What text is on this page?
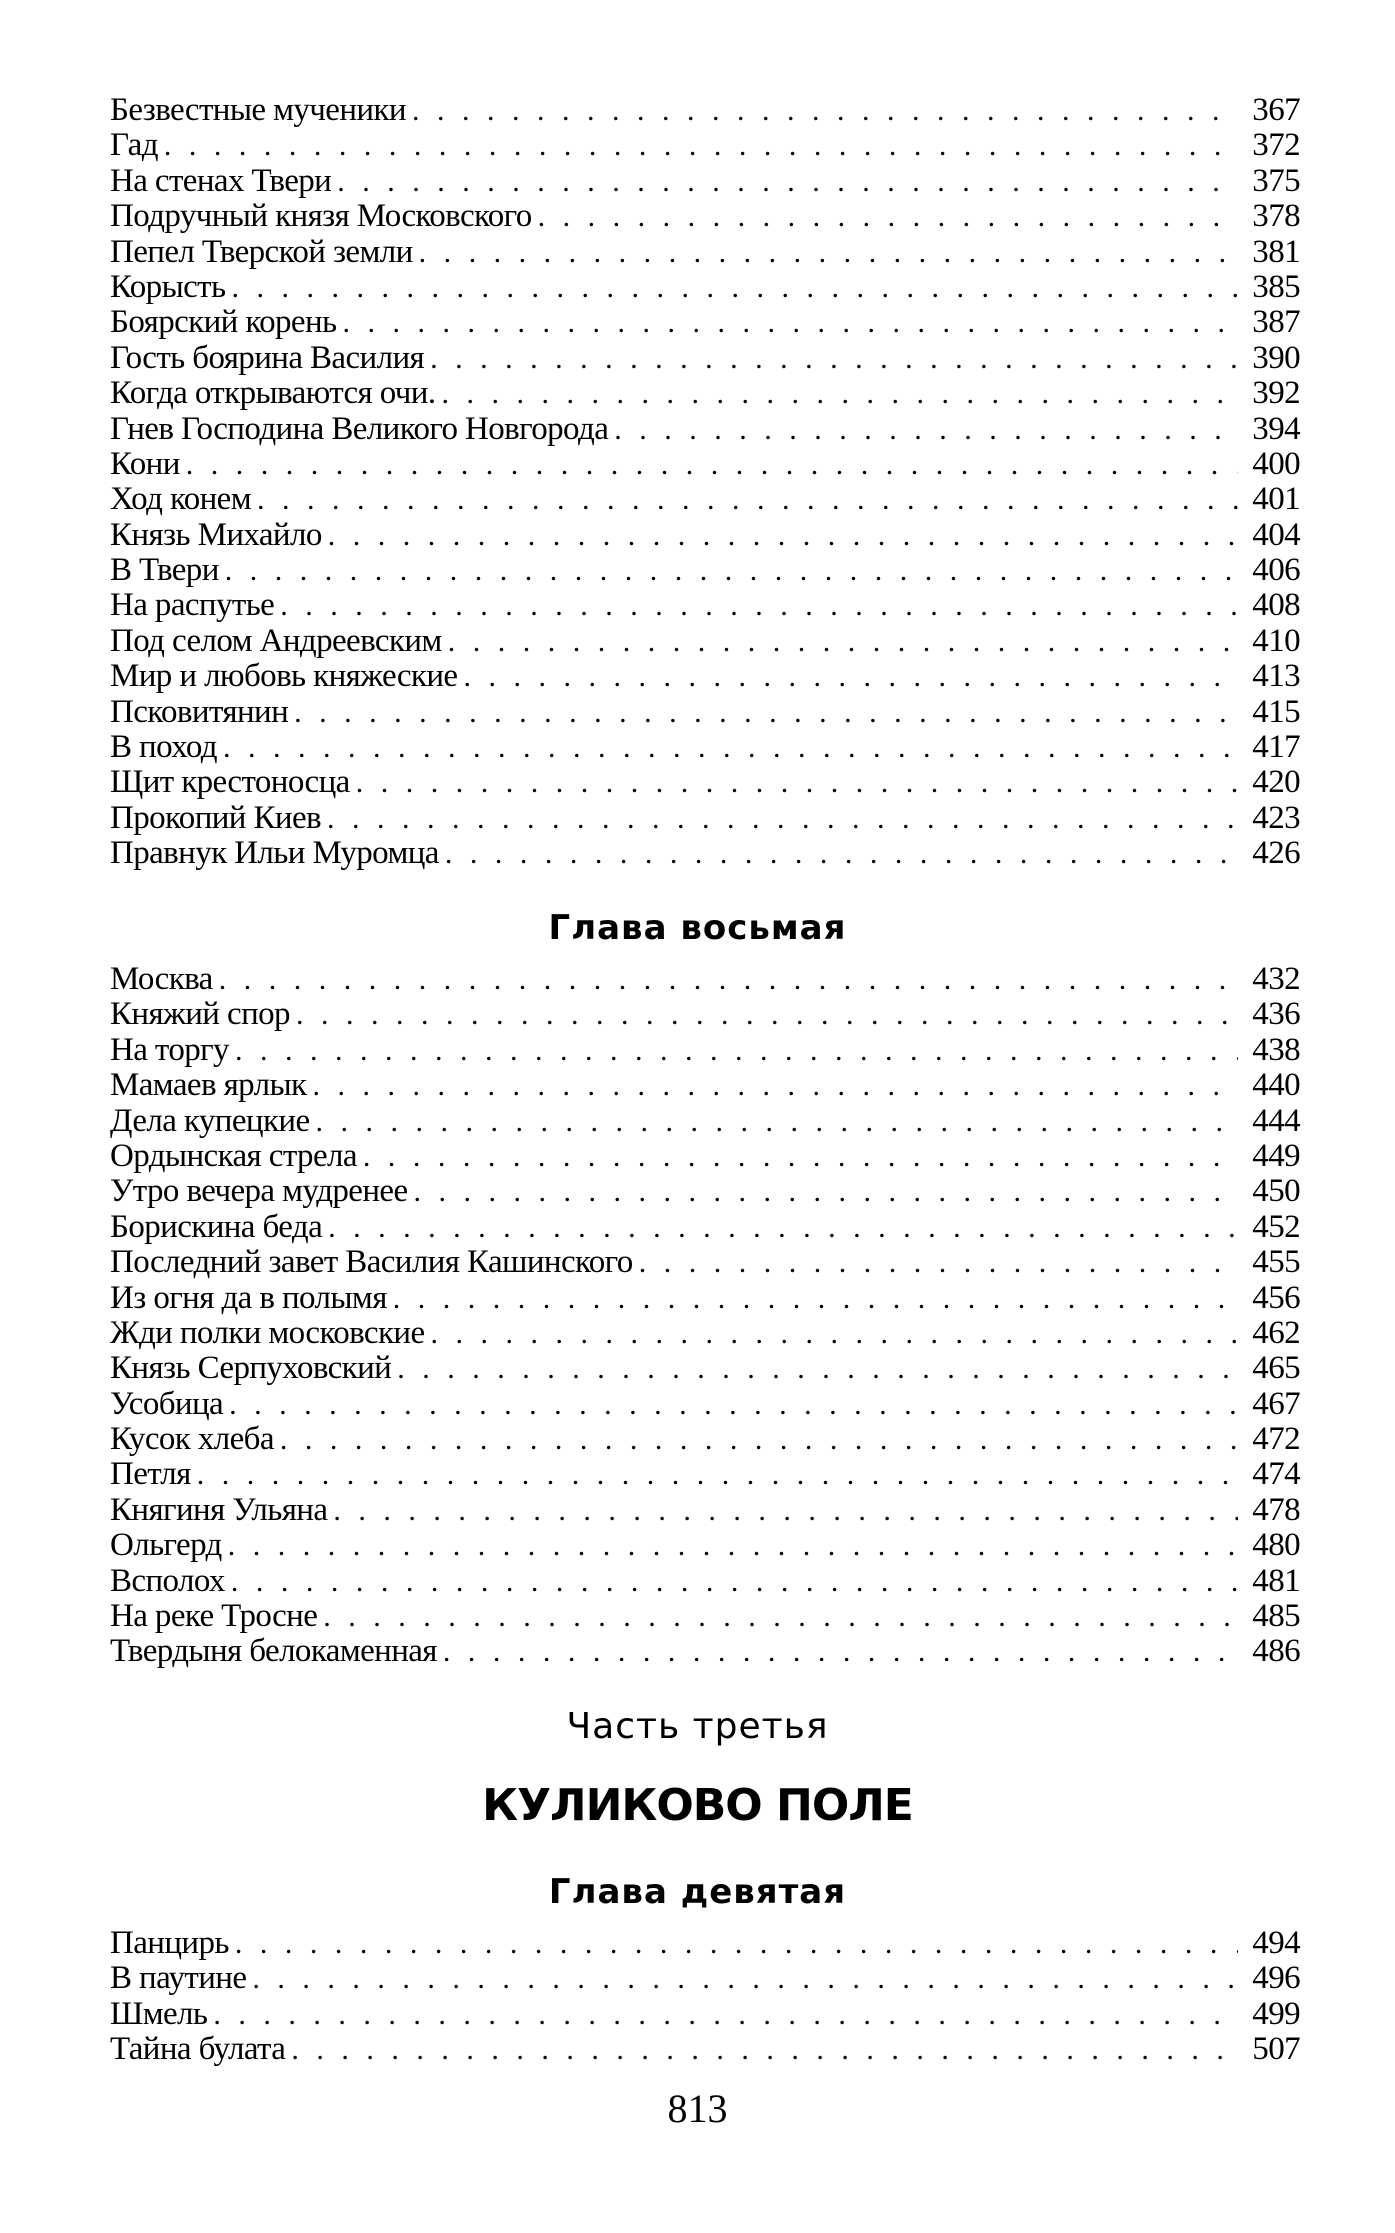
Безвестные мученики . . .	367
Гад . . .	372
На стенах Твери . . .	375
Подручный князя Московского . . .	378
Пепел Тверской земли . . .	381
Корысть . . .	385
Боярский корень . . .	387
Гость боярина Василия . . .	390
Когда открываются очи. . . .	392
Гнев Господина Великого Новгорода . . .	394
Кони . . .	400
Ход конем . . .	401
Князь Михайло . . .	404
В Твери . . .	406
На распутье . . .	408
Под селом Андреевским . . .	410
Мир и любовь княжеские . . .	413
Псковитянин . . .	415
В поход . . .	417
Щит крестоносца . . .	420
Прокопий Киев . . .	423
Правнук Ильи Муромца . . .	426
Глава восьмая
Москва . . .	432
Княжий спор . . .	436
На торгу . . .	438
Мамаев ярлык . . .	440
Дела купецкие . . .	444
Ордынская стрела . . .	449
Утро вечера мудренее . . .	450
Борискина беда . . .	452
Последний завет Василия Кашинского . . .	455
Из огня да в полымя . . .	456
Жди полки московские . . .	462
Князь Серпуховский . . .	465
Усобица . . .	467
Кусок хлеба . . .	472
Петля . . .	474
Княгиня Ульяна . . .	478
Ольгерд . . .	480
Всполох . . .	481
На реке Тросне . . .	485
Твердыня белокаменная . . .	486
Часть третья
КУЛИКОВО ПОЛЕ
Глава девятая
Панцирь . . .	494
В паутине . . .	496
Шмель . . .	499
Тайна булата . . .	507
813
